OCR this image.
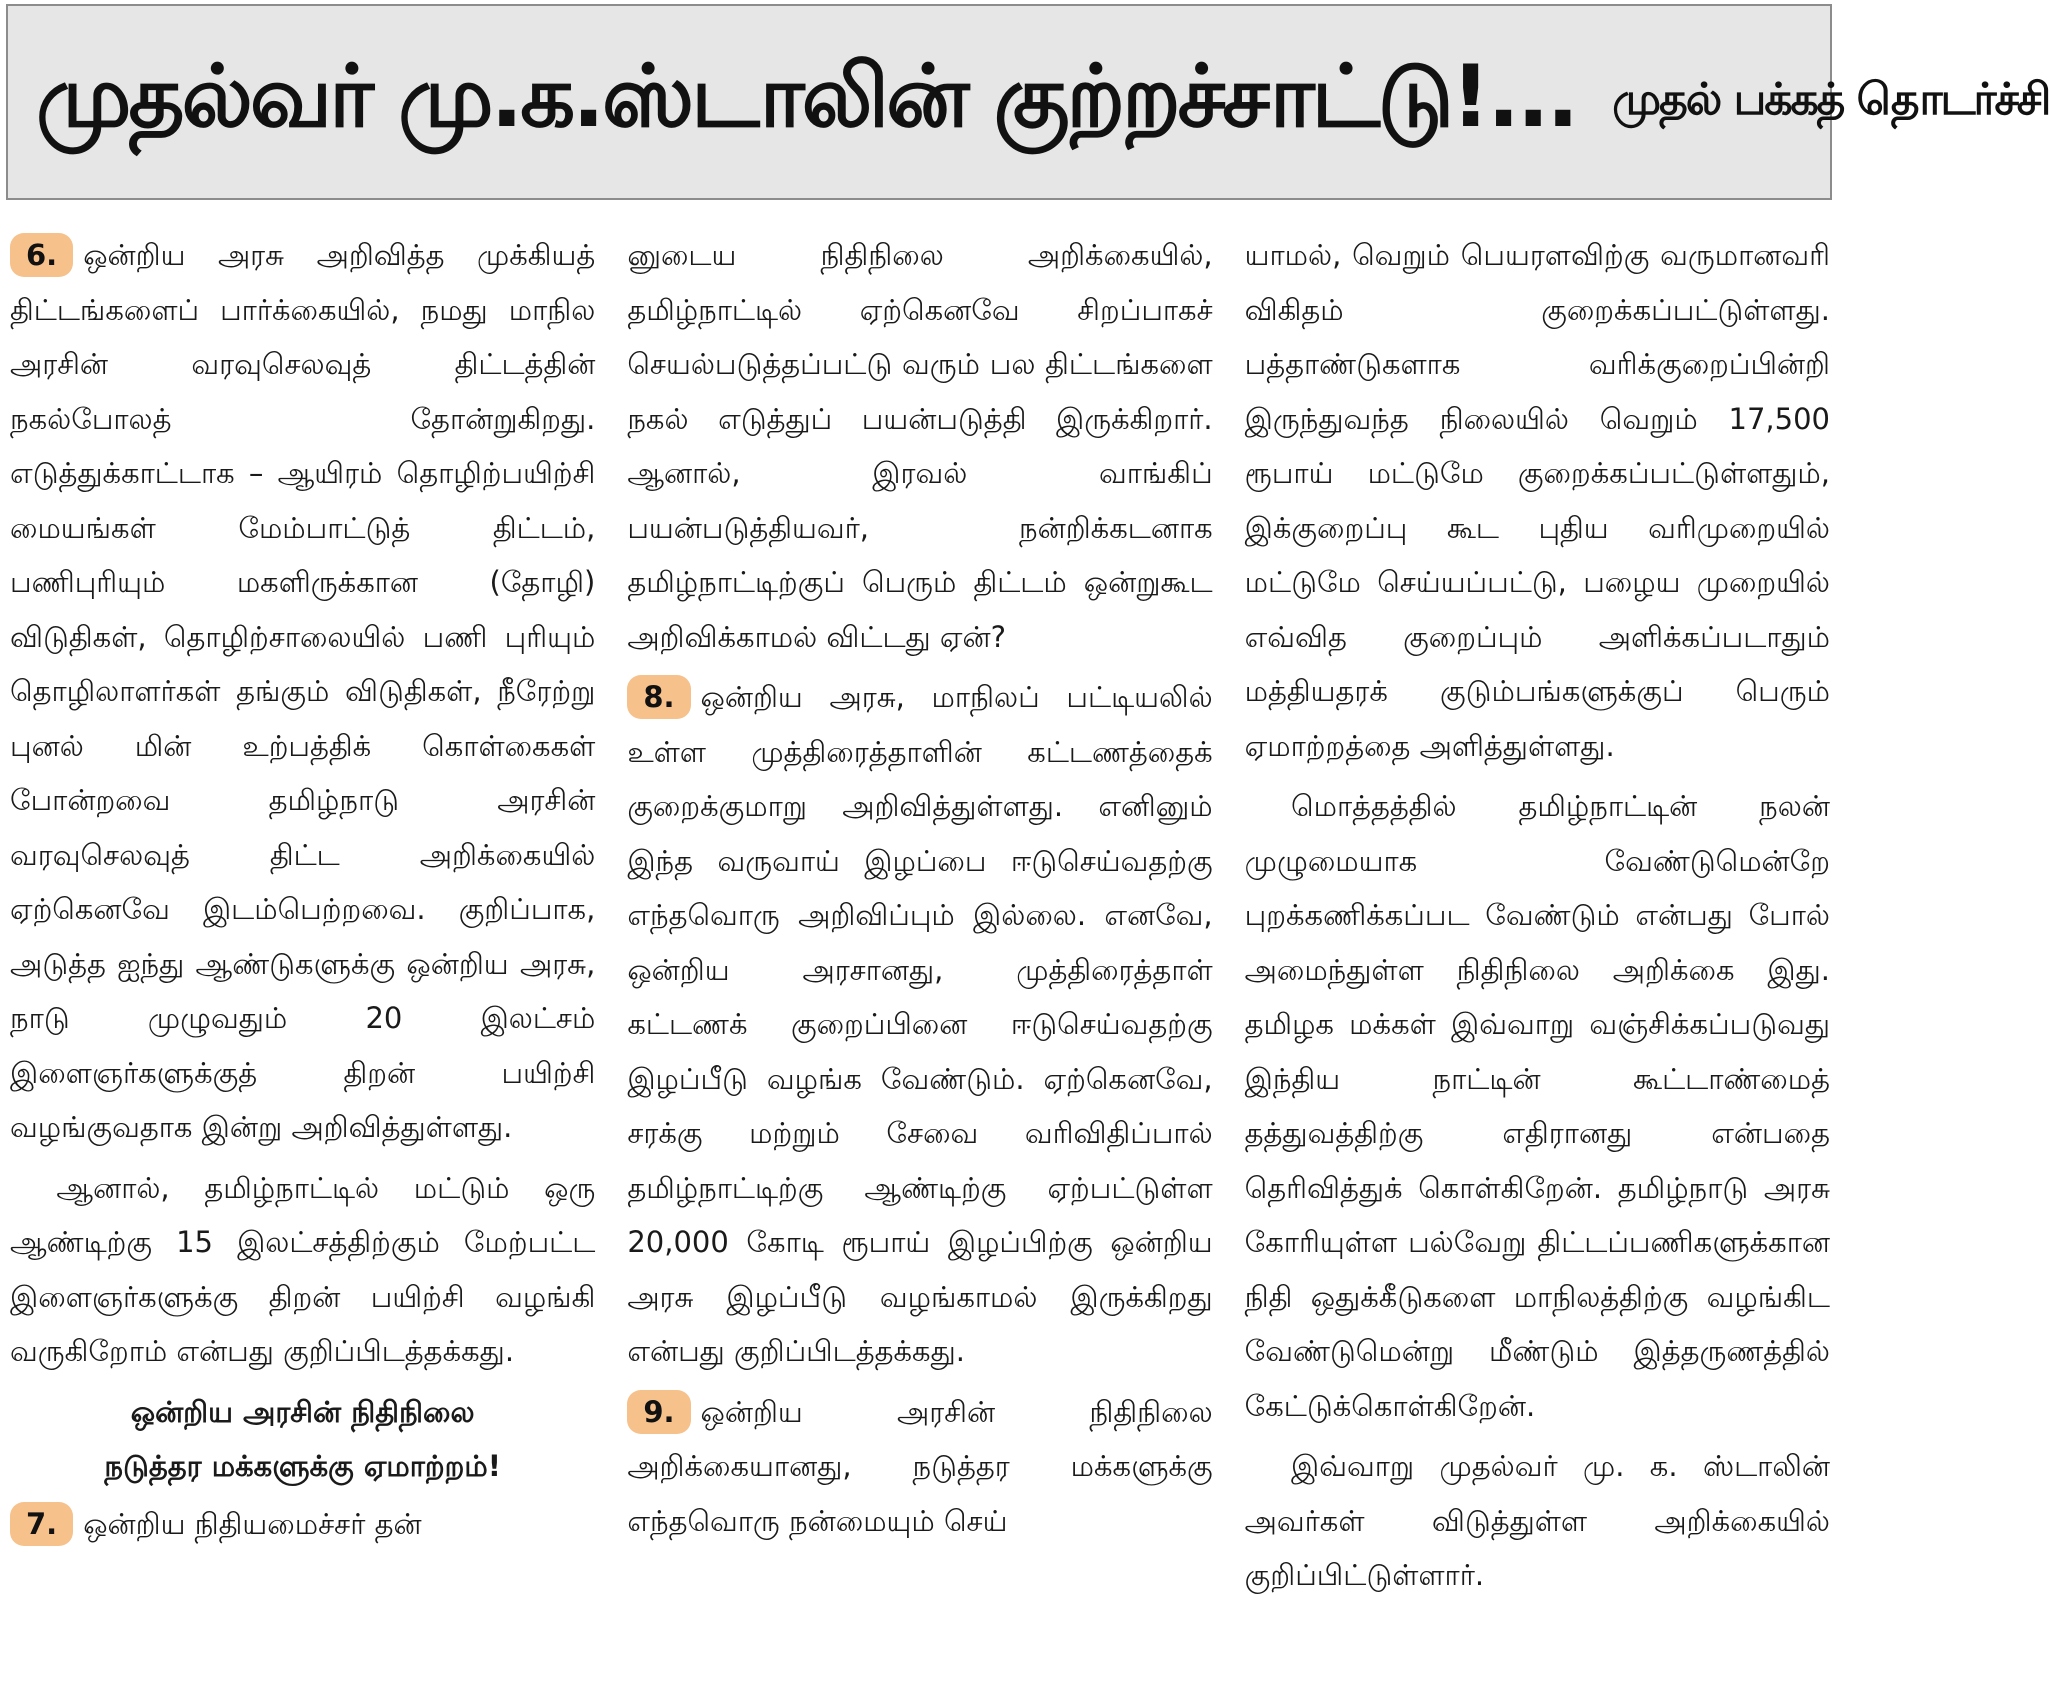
முதல்வர் மு.க.ஸ்டாலின் குற்றச்சாட்டு!... முதல் பக்கத் தொடர்ச்சி

6. ஒன்றிய அரசு அறிவித்த முக்கியத் திட்டங்களைப் பார்க்கையில், நமது மாநில அரசின் வரவுசெலவுத் திட்டத்தின் நகல்போலத் தோன்றுகிறது. எடுத்துக்காட்டாக – ஆயிரம் தொழிற்பயிற்சி மையங்கள் மேம்பாட்டுத் திட்டம், பணிபுரியும் மகளிருக்கான (தோழி) விடுதிகள், தொழிற்சாலையில் பணி புரியும் தொழிலாளர்கள் தங்கும் விடுதிகள், நீரேற்று புனல் மின் உற்பத்திக் கொள்கைகள் போன்றவை தமிழ்நாடு அரசின் வரவுசெலவுத் திட்ட அறிக்கையில் ஏற்கெனவே இடம்பெற்றவை. குறிப்பாக, அடுத்த ஐந்து ஆண்டுகளுக்கு ஒன்றிய அரசு, நாடு முழுவதும் 20 இலட்சம் இளைஞர்களுக்குத் திறன் பயிற்சி வழங்குவதாக இன்று அறிவித்துள்ளது.

ஆனால், தமிழ்நாட்டில் மட்டும் ஒரு ஆண்டிற்கு 15 இலட்சத்திற்கும் மேற்பட்ட இளைஞர்களுக்கு திறன் பயிற்சி வழங்கி வருகிறோம் என்பது குறிப்பிடத்தக்கது.

ஒன்றிய அரசின் நிதிநிலை
நடுத்தர மக்களுக்கு ஏமாற்றம்!

7. ஒன்றிய நிதியமைச்சர் தன்

னுடைய நிதிநிலை அறிக்கையில், தமிழ்நாட்டில் ஏற்கெனவே சிறப்பாகச் செயல்படுத்தப்பட்டு வரும் பல திட்டங்களை நகல் எடுத்துப் பயன்படுத்தி இருக்கிறார். ஆனால், இரவல் வாங்கிப் பயன்படுத்தியவர், நன்றிக்கடனாக தமிழ்நாட்டிற்குப் பெரும் திட்டம் ஒன்றுகூட அறிவிக்காமல் விட்டது ஏன்?

8. ஒன்றிய அரசு, மாநிலப் பட்டியலில் உள்ள முத்திரைத்தாளின் கட்டணத்தைக் குறைக்குமாறு அறிவித்துள்ளது. எனினும் இந்த வருவாய் இழப்பை ஈடுசெய்வதற்கு எந்தவொரு அறிவிப்பும் இல்லை. எனவே, ஒன்றிய அரசானது, முத்திரைத்தாள் கட்டணக் குறைப்பினை ஈடுசெய்வதற்கு இழப்பீடு வழங்க வேண்டும். ஏற்கெனவே, சரக்கு மற்றும் சேவை வரிவிதிப்பால் தமிழ்நாட்டிற்கு ஆண்டிற்கு ஏற்பட்டுள்ள 20,000 கோடி ரூபாய் இழப்பிற்கு ஒன்றிய அரசு இழப்பீடு வழங்காமல் இருக்கிறது என்பது குறிப்பிடத்தக்கது.

9. ஒன்றிய அரசின் நிதிநிலை அறிக்கையானது, நடுத்தர மக்களுக்கு எந்தவொரு நன்மையும் செய்

யாமல், வெறும் பெயரளவிற்கு வருமானவரி விகிதம் குறைக்கப்பட்டுள்ளது. பத்தாண்டுகளாக வரிக்குறைப்பின்றி இருந்துவந்த நிலையில் வெறும் 17,500 ரூபாய் மட்டுமே குறைக்கப்பட்டுள்ளதும், இக்குறைப்பு கூட புதிய வரிமுறையில் மட்டுமே செய்யப்பட்டு, பழைய முறையில் எவ்வித குறைப்பும் அளிக்கப்படாதும் மத்தியதரக் குடும்பங்களுக்குப் பெரும் ஏமாற்றத்தை அளித்துள்ளது.

மொத்தத்தில் தமிழ்நாட்டின் நலன் முழுமையாக வேண்டுமென்றே புறக்கணிக்கப்பட வேண்டும் என்பது போல் அமைந்துள்ள நிதிநிலை அறிக்கை இது. தமிழக மக்கள் இவ்வாறு வஞ்சிக்கப்படுவது இந்திய நாட்டின் கூட்டாண்மைத் தத்துவத்திற்கு எதிரானது என்பதை தெரிவித்துக் கொள்கிறேன். தமிழ்நாடு அரசு கோரியுள்ள பல்வேறு திட்டப்பணிகளுக்கான நிதி ஒதுக்கீடுகளை மாநிலத்திற்கு வழங்கிட வேண்டுமென்று மீண்டும் இத்தருணத்தில் கேட்டுக்கொள்கிறேன்.

இவ்வாறு முதல்வர் மு. க. ஸ்டாலின் அவர்கள் விடுத்துள்ள அறிக்கையில் குறிப்பிட்டுள்ளார்.
